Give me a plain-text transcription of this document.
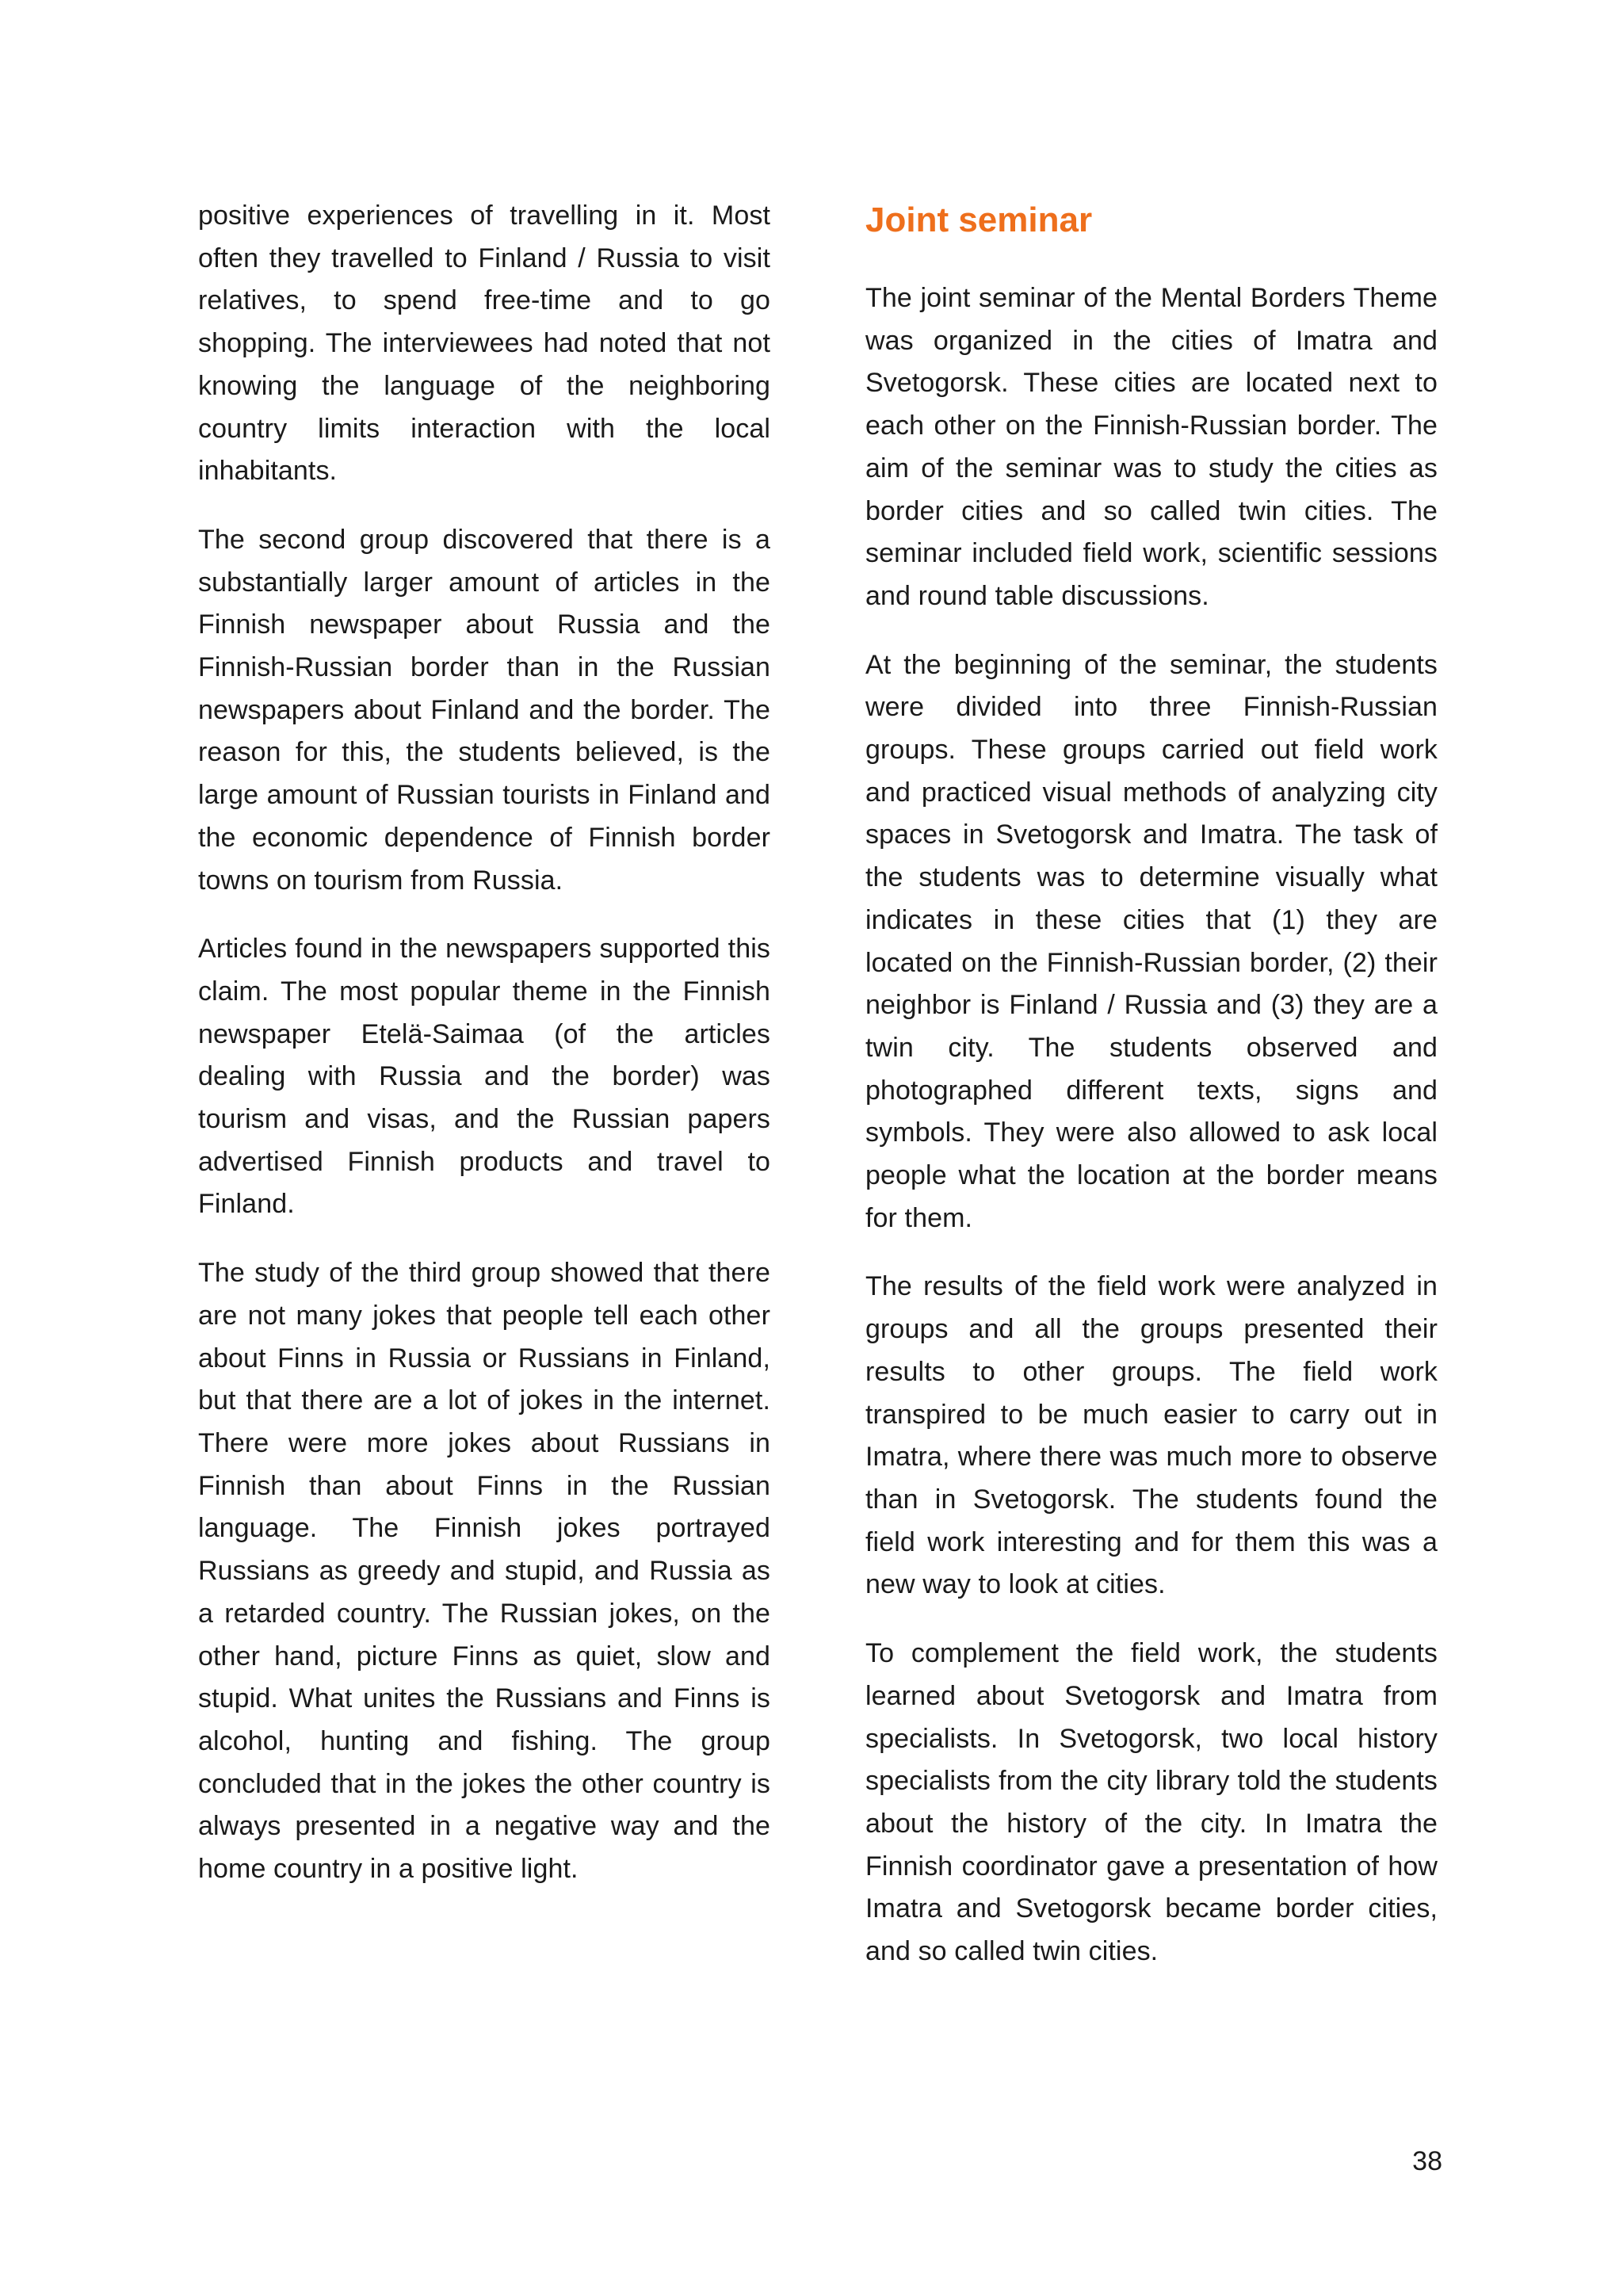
positive experiences of travelling in it. Most often they travelled to Finland / Russia to visit relatives, to spend free-time and to go shopping. The interviewees had noted that not knowing the language of the neighboring country limits interaction with the local inhabitants.

The second group discovered that there is a substantially larger amount of articles in the Finnish newspaper about Russia and the Finnish-Russian border than in the Russian newspapers about Finland and the border. The reason for this, the students believed, is the large amount of Russian tourists in Finland and the economic dependence of Finnish border towns on tourism from Russia.

Articles found in the newspapers supported this claim. The most popular theme in the Finnish newspaper Etelä-Saimaa (of the articles dealing with Russia and the border) was tourism and visas, and the Russian papers advertised Finnish products and travel to Finland.

The study of the third group showed that there are not many jokes that people tell each other about Finns in Russia or Russians in Finland, but that there are a lot of jokes in the internet. There were more jokes about Russians in Finnish than about Finns in the Russian language. The Finnish jokes portrayed Russians as greedy and stupid, and Russia as a retarded country. The Russian jokes, on the other hand, picture Finns as quiet, slow and stupid. What unites the Russians and Finns is alcohol, hunting and fishing. The group concluded that in the jokes the other country is always presented in a negative way and the home country in a positive light.

Joint seminar

The joint seminar of the Mental Borders Theme was organized in the cities of Imatra and Svetogorsk. These cities are located next to each other on the Finnish-Russian border. The aim of the seminar was to study the cities as border cities and so called twin cities. The seminar included field work, scientific sessions and round table discussions.

At the beginning of the seminar, the students were divided into three Finnish-Russian groups. These groups carried out field work and practiced visual methods of analyzing city spaces in Svetogorsk and Imatra. The task of the students was to determine visually what indicates in these cities that (1) they are located on the Finnish-Russian border, (2) their neighbor is Finland / Russia and (3) they are a twin city. The students observed and photographed different texts, signs and symbols. They were also allowed to ask local people what the location at the border means for them.

The results of the field work were analyzed in groups and all the groups presented their results to other groups. The field work transpired to be much easier to carry out in Imatra, where there was much more to observe than in Svetogorsk. The students found the field work interesting and for them this was a new way to look at cities.

To complement the field work, the students learned about Svetogorsk and Imatra from specialists. In Svetogorsk, two local history specialists from the city library told the students about the history of the city. In Imatra the Finnish coordinator gave a presentation of how Imatra and Svetogorsk became border cities, and so called twin cities.

38
